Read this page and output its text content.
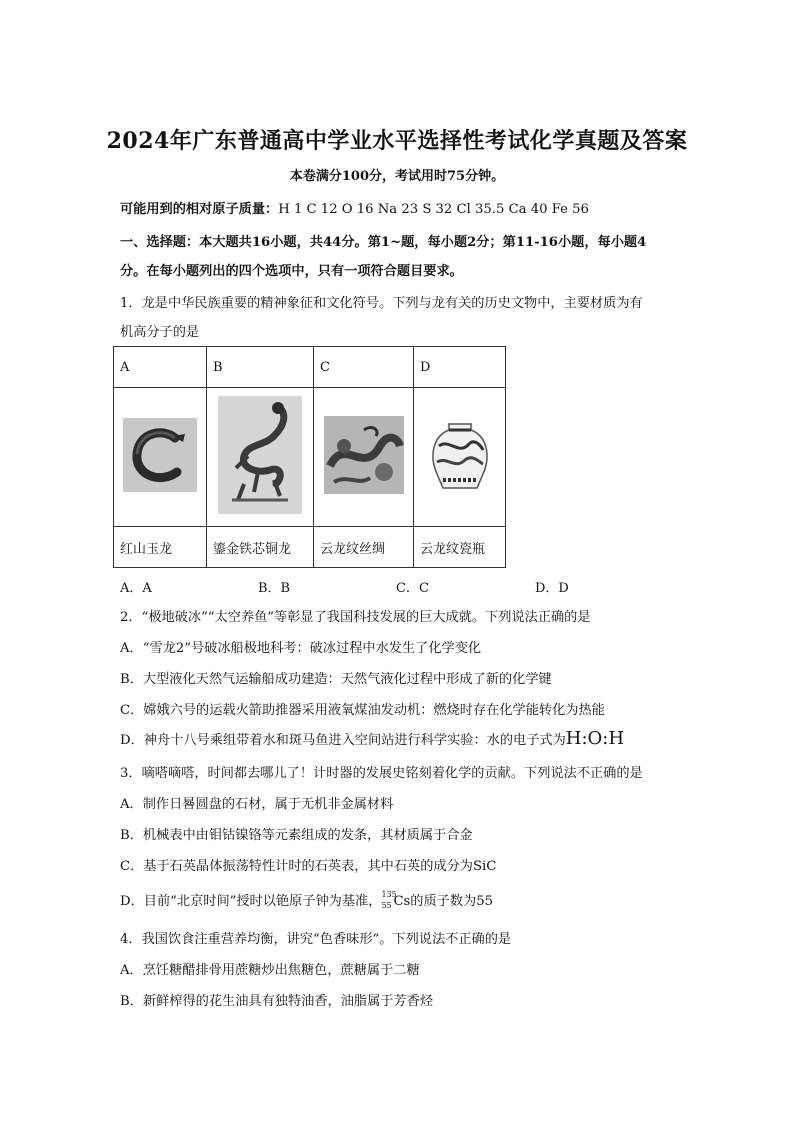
2024年广东普通高中学业水平选择性考试化学真题及答案
本卷满分100分，考试用时75分钟。
可能用到的相对原子质量：H 1 C 12 O 16 Na 23 S 32 Cl 35.5 Ca 40 Fe 56
一、选择题：本大题共16小题，共44分。第1~题，每小题2分；第11-16小题，每小题4
分。在每小题列出的四个选项中，只有一项符合题目要求。
1．龙是中华民族重要的精神象征和文化符号。下列与龙有关的历史文物中，主要材质为有
机高分子的是
A	B	C	D

红山玉龙	鎏金铁芯铜龙	云龙纹丝绸	云龙纹瓷瓶
A．A	B．B	C．C	D．D
2．“极地破冰”“太空养鱼”等彰显了我国科技发展的巨大成就。下列说法正确的是
A．“雪龙2”号破冰船极地科考：破冰过程中水发生了化学变化
B．大型液化天然气运输船成功建造：天然气液化过程中形成了新的化学键
C．嫦娥六号的运载火箭助推器采用液氧煤油发动机：燃烧时存在化学能转化为热能
D．神舟十八号乘组带着水和斑马鱼进入空间站进行科学实验：水的电子式为H:O:H
3．嘀嗒嘀嗒，时间都去哪儿了！计时器的发展史铭刻着化学的贡献。下列说法不正确的是
A．制作日晷圆盘的石材，属于无机非金属材料
B．机械表中由钼钴镍铬等元素组成的发条，其材质属于合金
C．基于石英晶体振荡特性计时的石英表，其中石英的成分为SiC
D．目前“北京时间”授时以铯原子钟为基准， 135
55 Cs的质子数为55
4．我国饮食注重营养均衡，讲究“色香味形”。下列说法不正确的是
A．烹饪糖醋排骨用蔗糖炒出焦糖色，蔗糖属于二糖
B．新鲜榨得的花生油具有独特油香，油脂属于芳香烃
